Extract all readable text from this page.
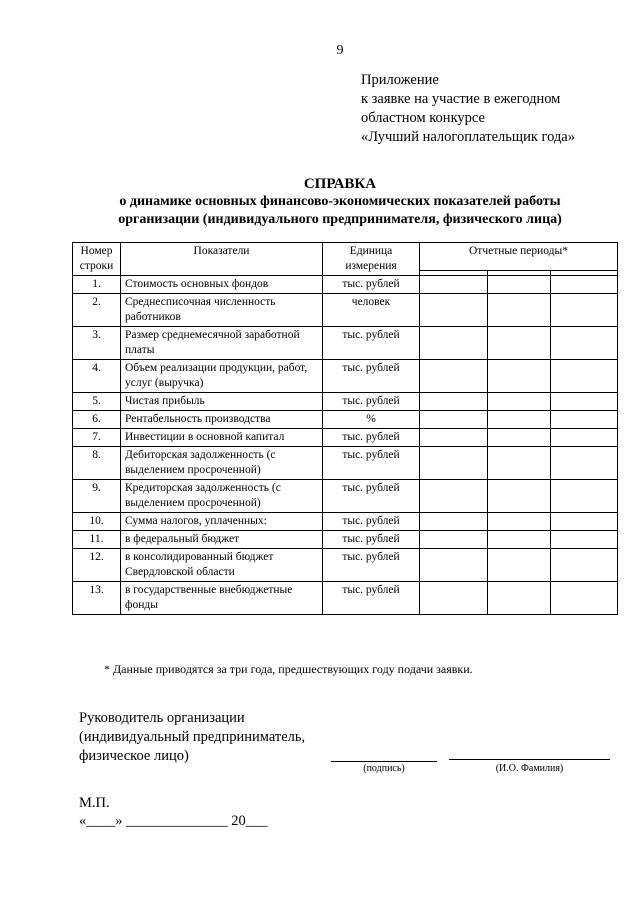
9
Приложение
к заявке на участие в ежегодном
областном конкурсе
«Лучший налогоплательщик года»
СПРАВКА
о динамике основных финансово-экономических показателей работы
организации (индивидуального предпринимателя, физического лица)
Номер строки	Показатели	Единица измерения	Отчетные периоды*		

1.	Стоимость основных фондов	тыс. рублей			
2.	Среднесписочная численность работников	человек			
3.	Размер среднемесячной заработной платы	тыс. рублей			
4.	Объем реализации продукции, работ, услуг (выручка)	тыс. рублей			
5.	Чистая прибыль	тыс. рублей			
6.	Рентабельность производства	%			
7.	Инвестиции в основной капитал	тыс. рублей			
8.	Дебиторская задолженность (с выделением просроченной)	тыс. рублей			
9.	Кредиторская задолженность (с выделением просроченной)	тыс. рублей			
10.	Сумма налогов, уплаченных:	тыс. рублей			
11.	в федеральный бюджет	тыс. рублей			
12.	в консолидированный бюджет Свердловской области	тыс. рублей			
13.	в государственные внебюджетные фонды	тыс. рублей			
* Данные приводятся за три года, предшествующих году подачи заявки.
Руководитель организации
(индивидуальный предприниматель,
физическое лицо)
(подпись)	(И.О. Фамилия)
М.П.
«____» ______________ 20___
